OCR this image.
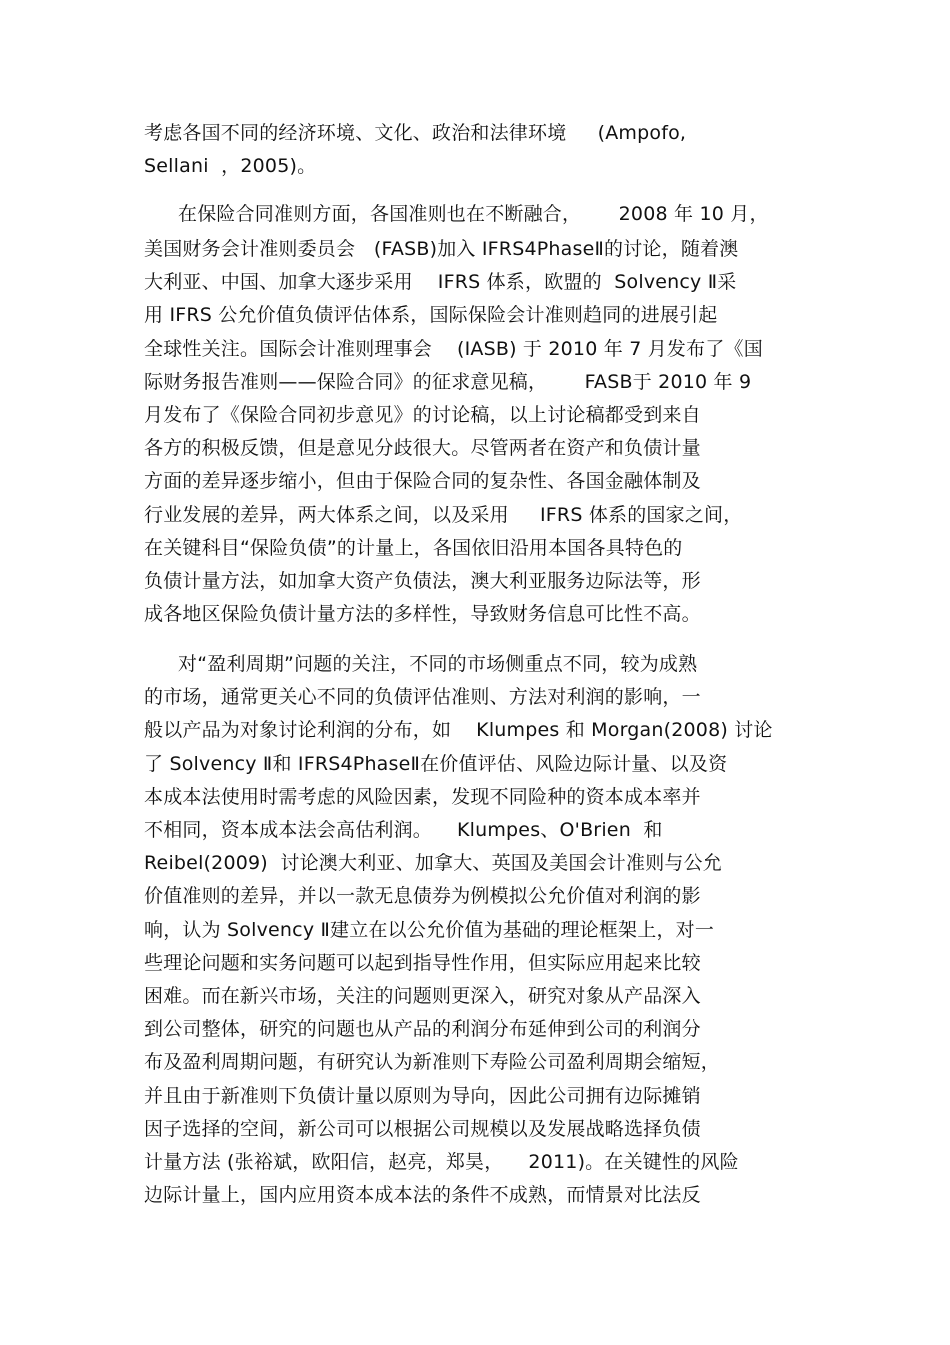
考虑各国不同的经济环境、文化、政治和法律环境     (Ampofo,
Sellani  ，2005)。
在保险合同准则方面，各国准则也在不断融合，      2008 年 10 月，
美国财务会计准则委员会   (FASB)加入 IFRS4PhaseⅡ的讨论，随着澳
大利亚、中国、加拿大逐步采用    IFRS 体系，欧盟的  Solvency Ⅱ采
用 IFRS 公允价值负债评估体系，国际保险会计准则趋同的进展引起
全球性关注。国际会计准则理事会    (IASB) 于 2010 年 7 月发布了《国
际财务报告准则——保险合同》的征求意见稿，      FASB于 2010 年 9
月发布了《保险合同初步意见》的讨论稿，以上讨论稿都受到来自
各方的积极反馈，但是意见分歧很大。尽管两者在资产和负债计量
方面的差异逐步缩小，但由于保险合同的复杂性、各国金融体制及
行业发展的差异，两大体系之间，以及采用     IFRS 体系的国家之间，
在关键科目“保险负债”的计量上，各国依旧沿用本国各具特色的
负债计量方法，如加拿大资产负债法，澳大利亚服务边际法等，形
成各地区保险负债计量方法的多样性，导致财务信息可比性不高。
对“盈利周期”问题的关注，不同的市场侧重点不同，较为成熟
的市场，通常更关心不同的负债评估准则、方法对利润的影响，一
般以产品为对象讨论利润的分布，如    Klumpes 和 Morgan(2008) 讨论
了 Solvency Ⅱ和 IFRS4PhaseⅡ在价值评估、风险边际计量、以及资
本成本法使用时需考虑的风险因素，发现不同险种的资本成本率并
不相同，资本成本法会高估利润。    Klumpes、O'Brien  和
Reibel(2009)  讨论澳大利亚、加拿大、英国及美国会计准则与公允
价值准则的差异，并以一款无息债券为例模拟公允价值对利润的影
响，认为 Solvency Ⅱ建立在以公允价值为基础的理论框架上，对一
些理论问题和实务问题可以起到指导性作用，但实际应用起来比较
困难。而在新兴市场，关注的问题则更深入，研究对象从产品深入
到公司整体，研究的问题也从产品的利润分布延伸到公司的利润分
布及盈利周期问题，有研究认为新准则下寿险公司盈利周期会缩短，
并且由于新准则下负债计量以原则为导向，因此公司拥有边际摊销
因子选择的空间，新公司可以根据公司规模以及发展战略选择负债
计量方法 (张裕斌，欧阳信，赵亮，郑昊，    2011)。在关键性的风险
边际计量上，国内应用资本成本法的条件不成熟，而情景对比法反
